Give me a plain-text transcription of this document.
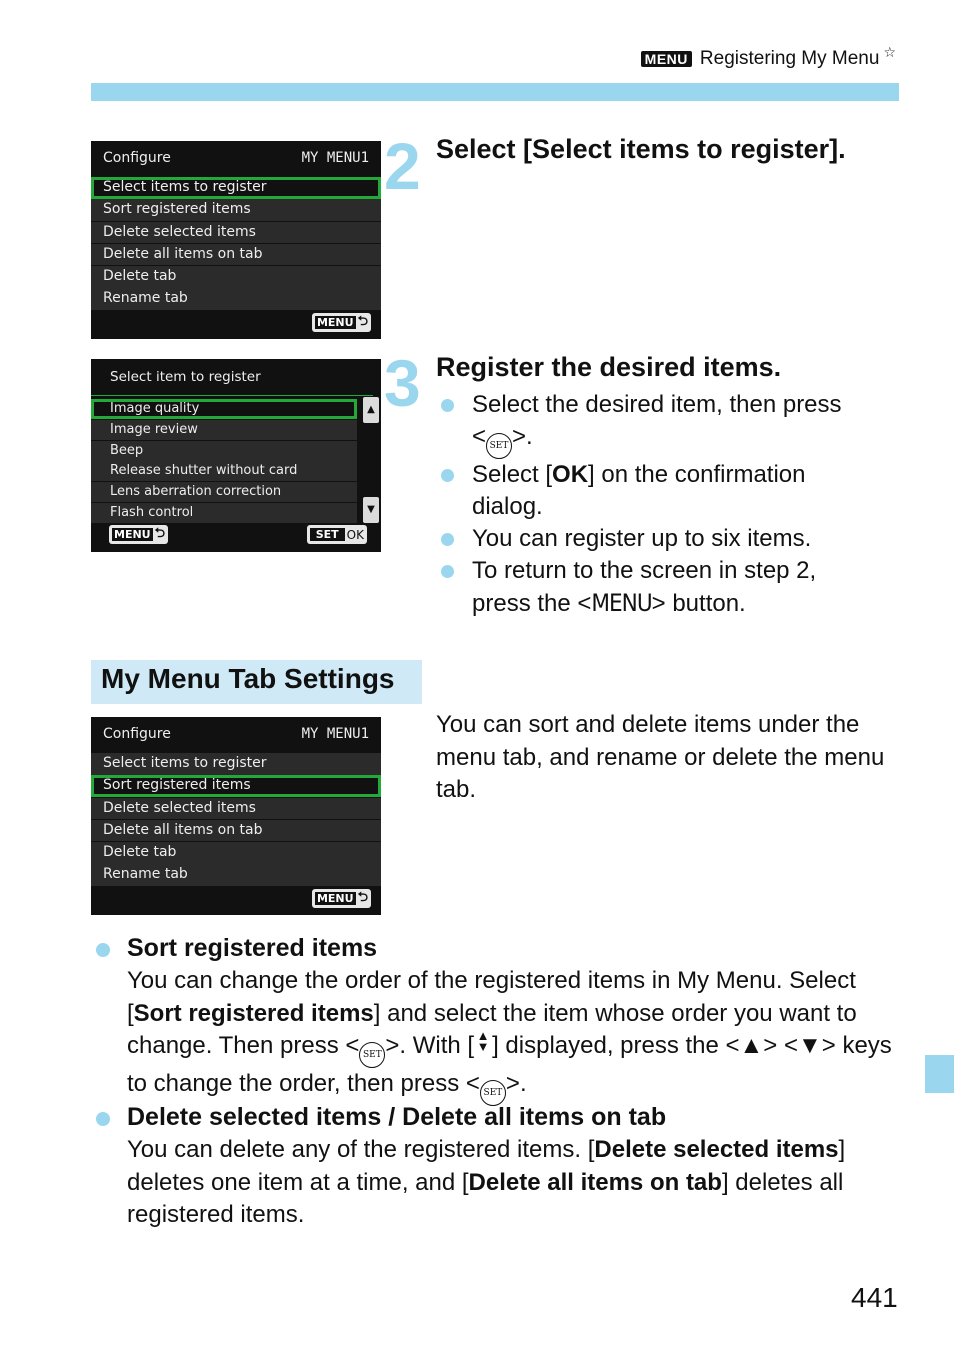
MENU Registering My Menu ☆
Configure	MY MENU1
Select items to register
Sort registered items
Delete selected items
Delete all items on tab
Delete tab
Rename tab
MENU ⮌
Select item to register
Image quality
Image review
Beep
Release shutter without card
Lens aberration correction
Flash control
▲
▼
MENU ⮌	SET OK
2 Select [Select items to register].
3 Register the desired items.
Select the desired item, then press
< SET >.
Select [OK] on the confirmation dialog.
You can register up to six items.
To return to the screen in step 2, press the <MENU> button.
My Menu Tab Settings
Configure	MY MENU1
Select items to register
Sort registered items
Delete selected items
Delete all items on tab
Delete tab
Rename tab
MENU ⮌
You can sort and delete items under the menu tab, and rename or delete the menu tab.
Sort registered items
You can change the order of the registered items in My Menu. Select [Sort registered items] and select the item whose order you want to change. Then press < SET >. With [ ▲
▼ ] displayed, press the <▲> <▼> keys to change the order, then press < SET >.
Delete selected items / Delete all items on tab
You can delete any of the registered items. [Delete selected items] deletes one item at a time, and [Delete all items on tab] deletes all registered items.
441
